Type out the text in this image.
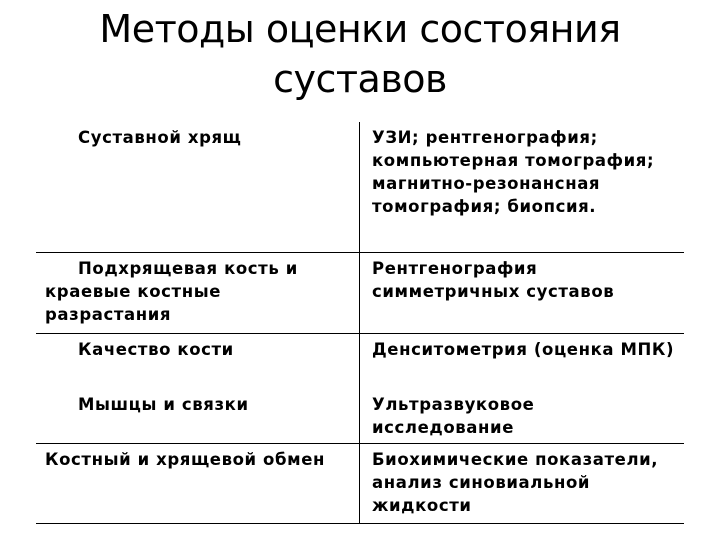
Методы оценки состояния
суставов
Суставной хрящ	УЗИ; рентгенография; компьютерная томография; магнитно-резонансная томография; биопсия.
Подхрящевая кость и краевые костные разрастания	Рентгенография симметричных суставов
Качество кости	Денситометрия (оценка МПК)
Мышцы и связки	Ультразвуковое исследование
Костный и хрящевой обмен	Биохимические показатели, анализ синовиальной жидкости
